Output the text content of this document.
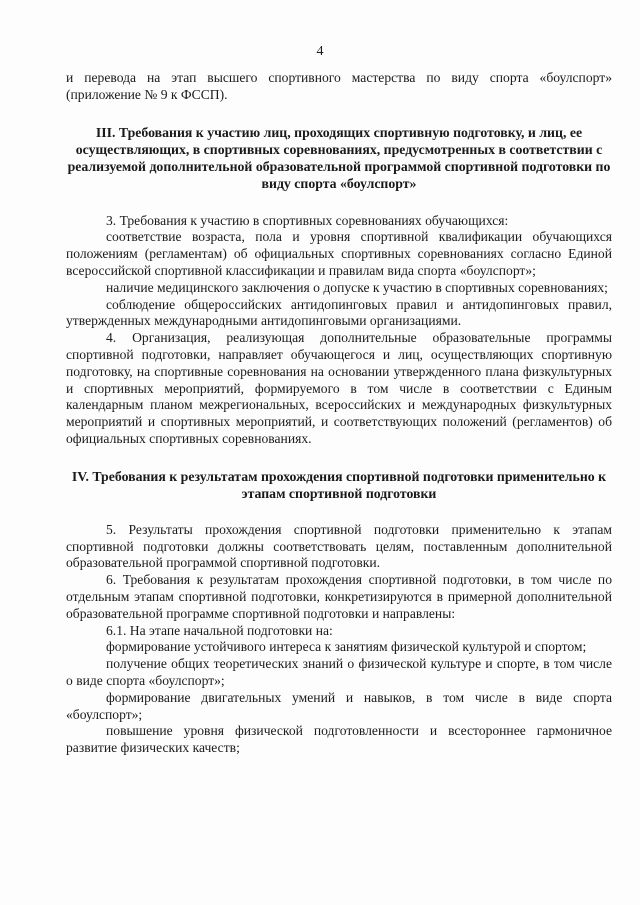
4

и перевода на этап высшего спортивного мастерства по виду спорта «боулспорт» (приложение № 9 к ФССП).

III. Требования к участию лиц, проходящих спортивную подготовку, и лиц, ее осуществляющих, в спортивных соревнованиях, предусмотренных в соответствии с реализуемой дополнительной образовательной программой спортивной подготовки по виду спорта «боулспорт»

3. Требования к участию в спортивных соревнованиях обучающихся:

соответствие возраста, пола и уровня спортивной квалификации обучающихся положениям (регламентам) об официальных спортивных соревнованиях согласно Единой всероссийской спортивной классификации и правилам вида спорта «боулспорт»;

наличие медицинского заключения о допуске к участию в спортивных соревнованиях;

соблюдение общероссийских антидопинговых правил и антидопинговых правил, утвержденных международными антидопинговыми организациями.

4. Организация, реализующая дополнительные образовательные программы спортивной подготовки, направляет обучающегося и лиц, осуществляющих спортивную подготовку, на спортивные соревнования на основании утвержденного плана физкультурных и спортивных мероприятий, формируемого в том числе в соответствии с Единым календарным планом межрегиональных, всероссийских и международных физкультурных мероприятий и спортивных мероприятий, и соответствующих положений (регламентов) об официальных спортивных соревнованиях.

IV. Требования к результатам прохождения спортивной подготовки применительно к этапам спортивной подготовки

5. Результаты прохождения спортивной подготовки применительно к этапам спортивной подготовки должны соответствовать целям, поставленным дополнительной образовательной программой спортивной подготовки.

6. Требования к результатам прохождения спортивной подготовки, в том числе по отдельным этапам спортивной подготовки, конкретизируются в примерной дополнительной образовательной программе спортивной подготовки и направлены:

6.1. На этапе начальной подготовки на:

формирование устойчивого интереса к занятиям физической культурой и спортом;

получение общих теоретических знаний о физической культуре и спорте, в том числе о виде спорта «боулспорт»;

формирование двигательных умений и навыков, в том числе в виде спорта «боулспорт»;

повышение уровня физической подготовленности и всестороннее гармоничное развитие физических качеств;
